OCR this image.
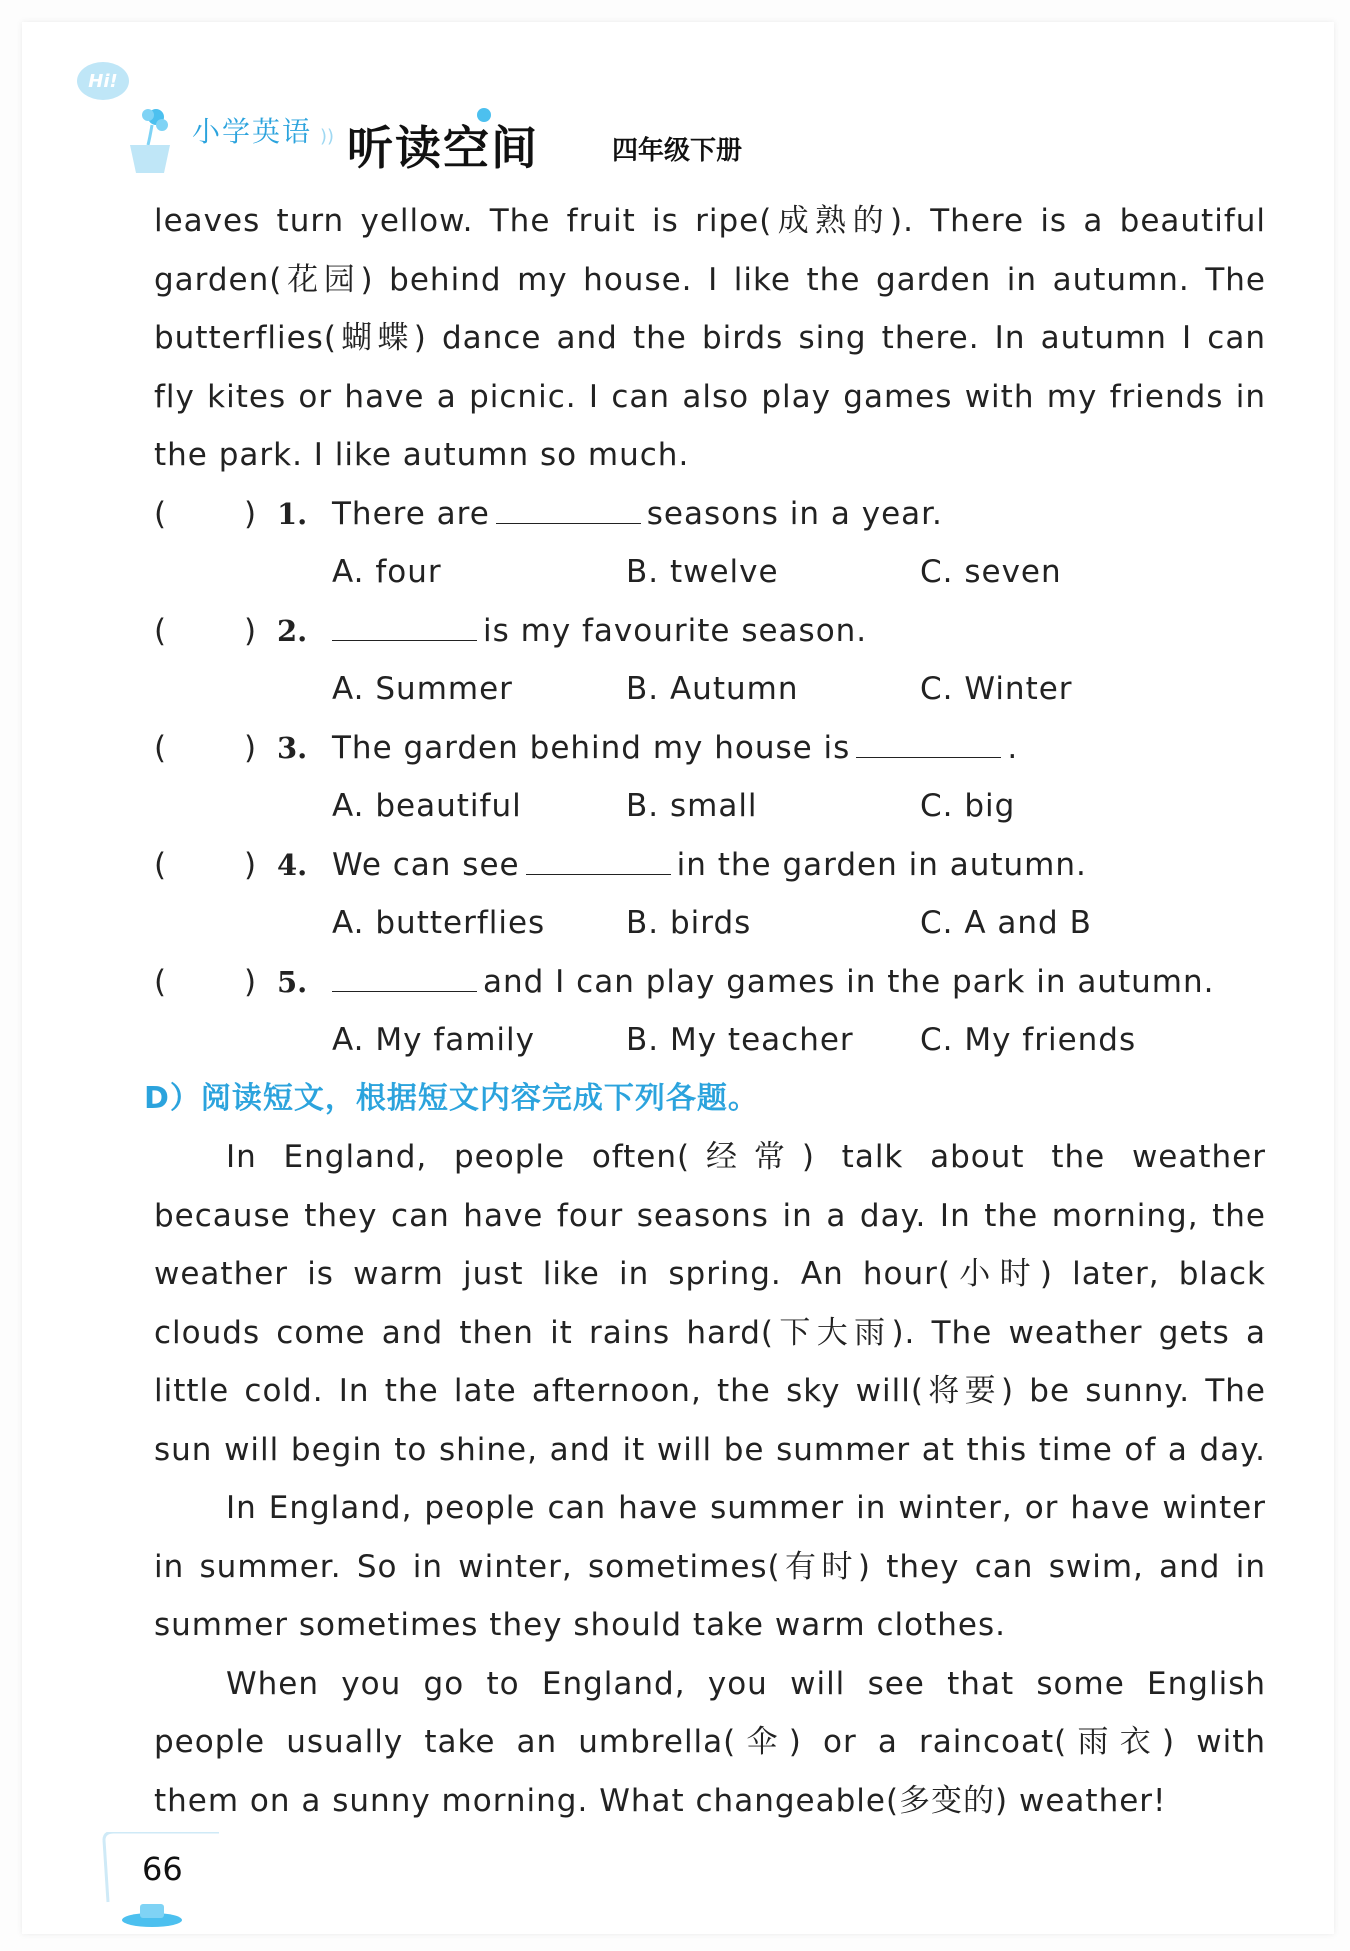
Hi!
小学英语 )) 听读空间	四年级下册
leaves turn yellow. The fruit is ripe(成熟的). There is a beautiful
garden(花园) behind my house. I like the garden in autumn. The
butterflies(蝴蝶) dance and the birds sing there. In autumn I can
fly kites or have a picnic. I can also play games with my friends in
the park. I like autumn so much.
(	) 1. There are	seasons in a year.
A. four	B. twelve	C. seven
(	) 2.	is my favourite season.
A. Summer	B. Autumn	C. Winter
(	) 3. The garden behind my house is	.
A. beautiful	B. small	C. big
(	) 4. We can see	in the garden in autumn.
A. butterflies	B. birds	C. A and B
(	) 5.	and I can play games in the park in autumn.
A. My family	B. My teacher C. My friends
D）阅读短文，根据短文内容完成下列各题。
In England, people often(经常) talk about the weather
because they can have four seasons in a day. In the morning, the
weather is warm just like in spring. An hour(小时) later, black
clouds come and then it rains hard(下大雨). The weather gets a
little cold. In the late afternoon, the sky will(将要) be sunny. The
sun will begin to shine, and it will be summer at this time of a day.
In England, people can have summer in winter, or have winter
in summer. So in winter, sometimes(有时) they can swim, and in
summer sometimes they should take warm clothes.
When you go to England, you will see that some English
people usually take an umbrella(伞) or a raincoat(雨衣) with
them on a sunny morning. What changeable(多变的) weather!
66
